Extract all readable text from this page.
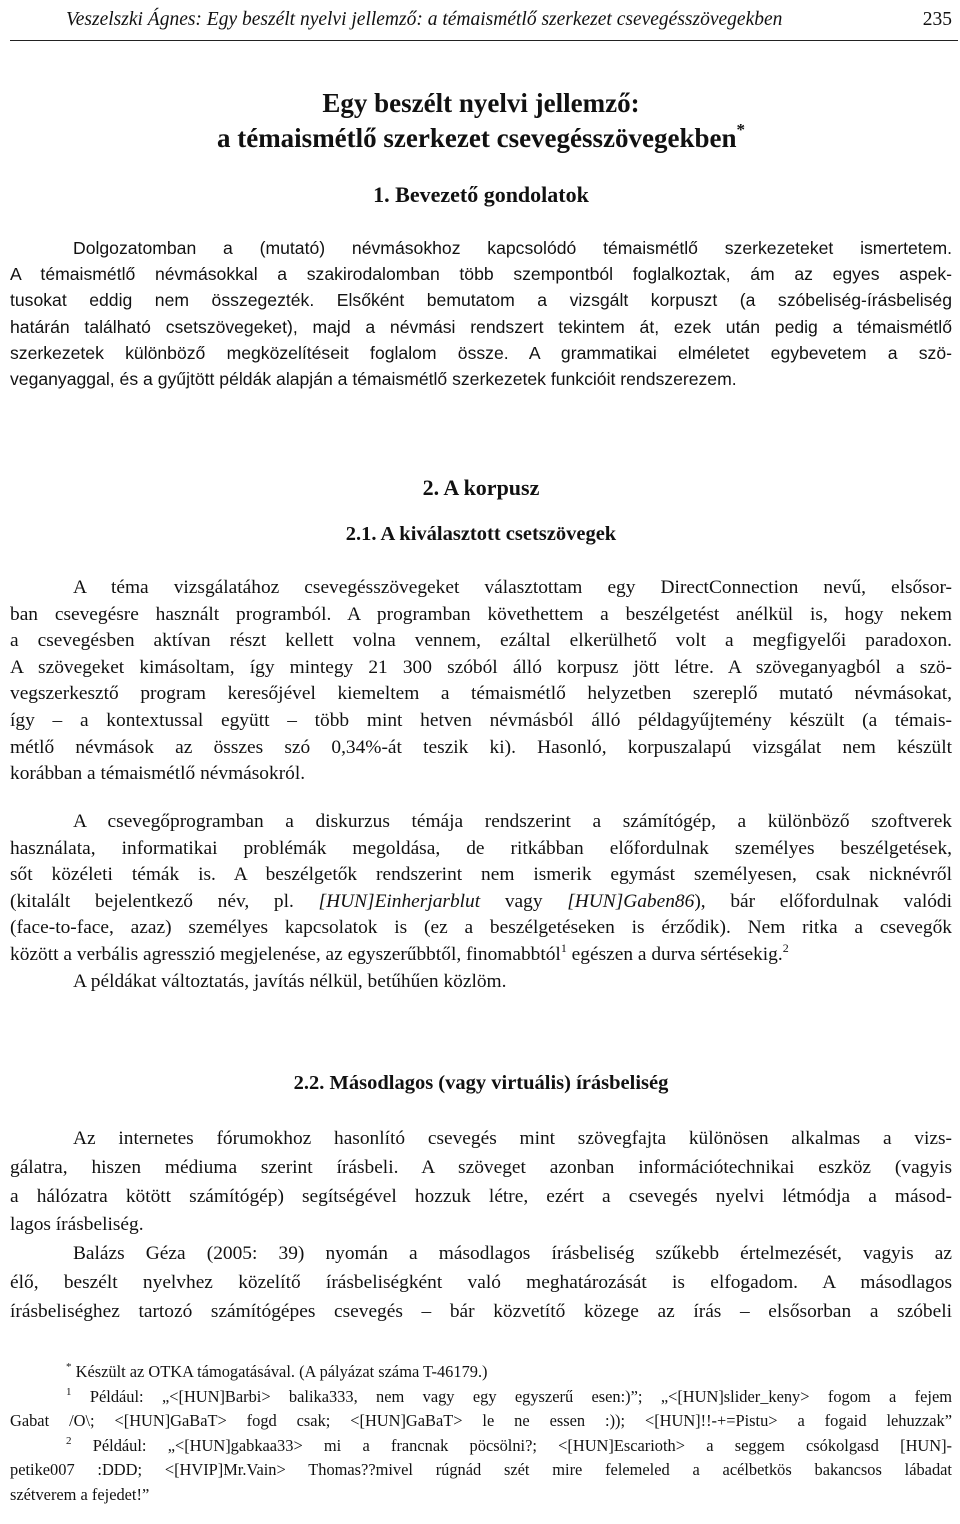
Veszelszki Ágnes: Egy beszélt nyelvi jellemző: a témaismétlő szerkezet csevegésszövegekben	235
Egy beszélt nyelvi jellemző:
a témaismétlő szerkezet csevegésszövegekben*
1. Bevezető gondolatok
Dolgozatomban a (mutató) névmásokhoz kapcsolódó témaismétlő szerkezeteket ismertetem.
A témaismétlő névmásokkal a szakirodalomban több szempontból foglalkoztak, ám az egyes aspek-
tusokat eddig nem összegezték. Elsőként bemutatom a vizsgált korpuszt (a szóbeliség-írásbeliség
határán található csetszövegeket), majd a névmási rendszert tekintem át, ezek után pedig a témaismétlő
szerkezetek különböző megközelítéseit foglalom össze. A grammatikai elméletet egybevetem a szö-
veganyaggal, és a gyűjtött példák alapján a témaismétlő szerkezetek funkcióit rendszerezem.
2. A korpusz
2.1. A kiválasztott csetszövegek
A téma vizsgálatához csevegésszövegeket választottam egy DirectConnection nevű, elsősor-
ban csevegésre használt programból. A programban követhettem a beszélgetést anélkül is, hogy nekem
a csevegésben aktívan részt kellett volna vennem, ezáltal elkerülhető volt a megfigyelői paradoxon.
A szövegeket kimásoltam, így mintegy 21 300 szóból álló korpusz jött létre. A szöveganyagból a szö-
vegszerkesztő program keresőjével kiemeltem a témaismétlő helyzetben szereplő mutató névmásokat,
így – a kontextussal együtt – több mint hetven névmásból álló példagyűjtemény készült (a témais-
métlő névmások az összes szó 0,34%-át teszik ki). Hasonló, korpuszalapú vizsgálat nem készült
korábban a témaismétlő névmásokról.
A csevegőprogramban a diskurzus témája rendszerint a számítógép, a különböző szoftverek
használata, informatikai problémák megoldása, de ritkábban előfordulnak személyes beszélgetések,
sőt közéleti témák is. A beszélgetők rendszerint nem ismerik egymást személyesen, csak nicknévről
(kitalált bejelentkező név, pl. [HUN]Einherjarblut vagy [HUN]Gaben86), bár előfordulnak valódi
(face-to-face, azaz) személyes kapcsolatok is (ez a beszélgetéseken is érződik). Nem ritka a csevegők
között a verbális agresszió megjelenése, az egyszerűbbtől, finomabbtól$^1$ egészen a durva sértésekig.$^2$
A példákat változtatás, javítás nélkül, betűhűen közlöm.
2.2. Másodlagos (vagy virtuális) írásbeliség
Az internetes fórumokhoz hasonlító csevegés mint szövegfajta különösen alkalmas a vizs-
gálatra, hiszen médiuma szerint írásbeli. A szöveget azonban információtechnikai eszköz (vagyis
a hálózatra kötött számítógép) segítségével hozzuk létre, ezért a csevegés nyelvi létmódja a másod-
lagos írásbeliség.
Balázs Géza (2005: 39) nyomán a másodlagos írásbeliség szűkebb értelmezését, vagyis az
élő, beszélt nyelvhez közelítő írásbeliségként való meghatározását is elfogadom. A másodlagos
írásbeliséghez tartozó számítógépes csevegés – bár közvetítő közege az írás – elsősorban a szóbeli
* Készült az OTKA támogatásával. (A pályázat száma T-46179.)
$^1$ Például: „<[HUN]Barbi> balika333, nem vagy egy egyszerű esen:)”; „<[HUN]slider_keny> fogom a fejem
Gabat /O\; <[HUN]GaBaT> fogd csak; <[HUN]GaBaT> le ne essen :)); <[HUN]!!-+=Pistu> a fogaid lehuzzak”
$^2$ Például: „<[HUN]gabkaa33> mi a francnak pöcsölni?; <[HUN]Escarioth> a seggem csókolgasd [HUN]-
petike007 :DDD; <[HVIP]Mr.Vain> Thomas??mivel rúgnád szét mire felemeled a acélbetkös bakancsos lábadat
szétverem a fejedet!”
